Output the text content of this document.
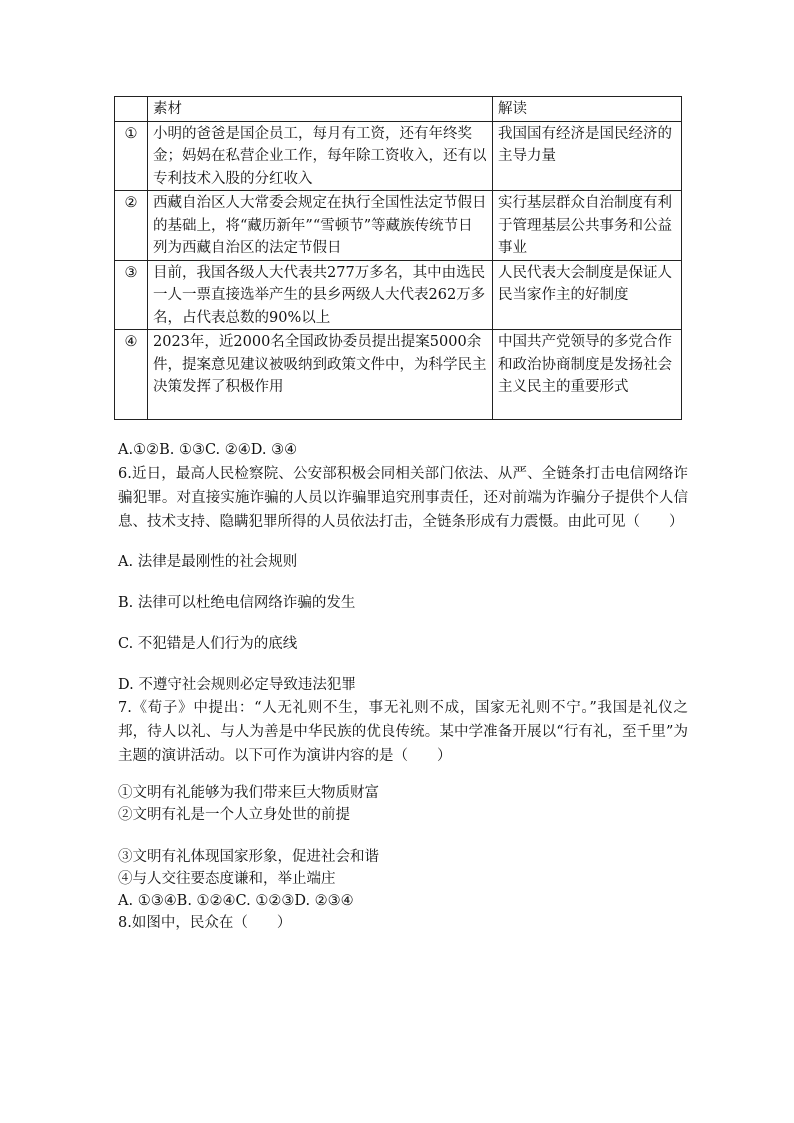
	素材	解读
①	小明的爸爸是国企员工，每月有工资，还有年终奖金；妈妈在私营企业工作，每年除工资收入，还有以专利技术入股的分红收入	我国国有经济是国民经济的主导力量
②	西藏自治区人大常委会规定在执行全国性法定节假日的基础上，将“藏历新年”“雪顿节”等藏族传统节日列为西藏自治区的法定节假日	实行基层群众自治制度有利于管理基层公共事务和公益事业
③	目前，我国各级人大代表共277万多名，其中由选民一人一票直接选举产生的县乡两级人大代表262万多名，占代表总数的90%以上	人民代表大会制度是保证人民当家作主的好制度
④	2023年，近2000名全国政协委员提出提案5000余件，提案意见建议被吸纳到政策文件中，为科学民主决策发挥了积极作用	中国共产党领导的多党合作和政治协商制度是发扬社会主义民主的重要形式
A.①②B. ①③C. ②④D. ③④
6.近日，最高人民检察院、公安部积极会同相关部门依法、从严、全链条打击电信网络诈骗犯罪。对直接实施诈骗的人员以诈骗罪追究刑事责任，还对前端为诈骗分子提供个人信息、技术支持、隐瞒犯罪所得的人员依法打击，全链条形成有力震慑。由此可见（　　）
A. 法律是最刚性的社会规则
B. 法律可以杜绝电信网络诈骗的发生
C. 不犯错是人们行为的底线
D. 不遵守社会规则必定导致违法犯罪
7.《荀子》中提出：“人无礼则不生，事无礼则不成，国家无礼则不宁。”我国是礼仪之邦，待人以礼、与人为善是中华民族的优良传统。某中学准备开展以“行有礼，至千里”为主题的演讲活动。以下可作为演讲内容的是（　　）
①文明有礼能够为我们带来巨大物质财富
②文明有礼是一个人立身处世的前提
③文明有礼体现国家形象，促进社会和谐
④与人交往要态度谦和，举止端庄
A. ①③④B. ①②④C. ①②③D. ②③④
8.如图中，民众在（　　）
